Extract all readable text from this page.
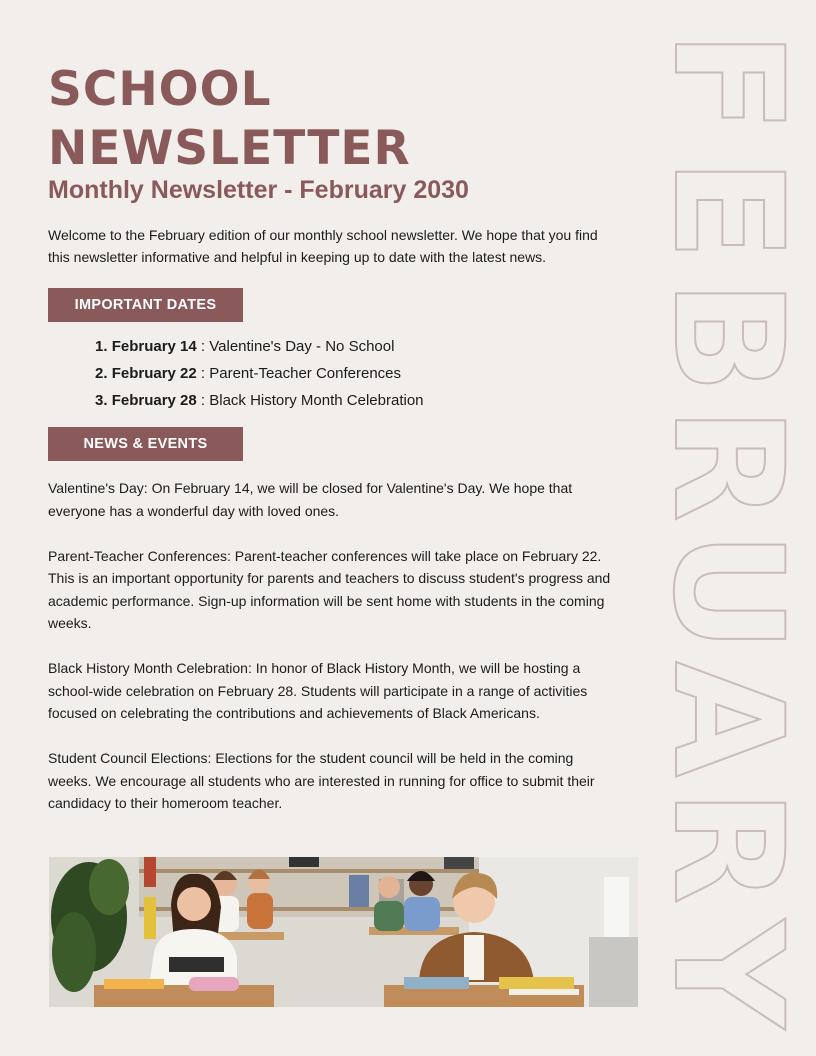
SCHOOL
NEWSLETTER
Monthly Newsletter - February 2030

Welcome to the February edition of our monthly school newsletter. We hope that you find this newsletter informative and helpful in keeping up to date with the latest news.

IMPORTANT DATES
1. February 14 : Valentine's Day - No School
2. February 22 : Parent-Teacher Conferences
3. February 28 : Black History Month Celebration
NEWS & EVENTS

Valentine's Day: On February 14, we will be closed for Valentine's Day. We hope that everyone has a wonderful day with loved ones.

Parent-Teacher Conferences: Parent-teacher conferences will take place on February 22. This is an important opportunity for parents and teachers to discuss student's progress and academic performance. Sign-up information will be sent home with students in the coming weeks.

Black History Month Celebration: In honor of Black History Month, we will be hosting a school-wide celebration on February 28. Students will participate in a range of activities focused on celebrating the contributions and achievements of Black Americans.

Student Council Elections: Elections for the student council will be held in the coming weeks. We encourage all students who are interested in running for office to submit their candidacy to their homeroom teacher.

F
E
B
R
U
A
R
Y
